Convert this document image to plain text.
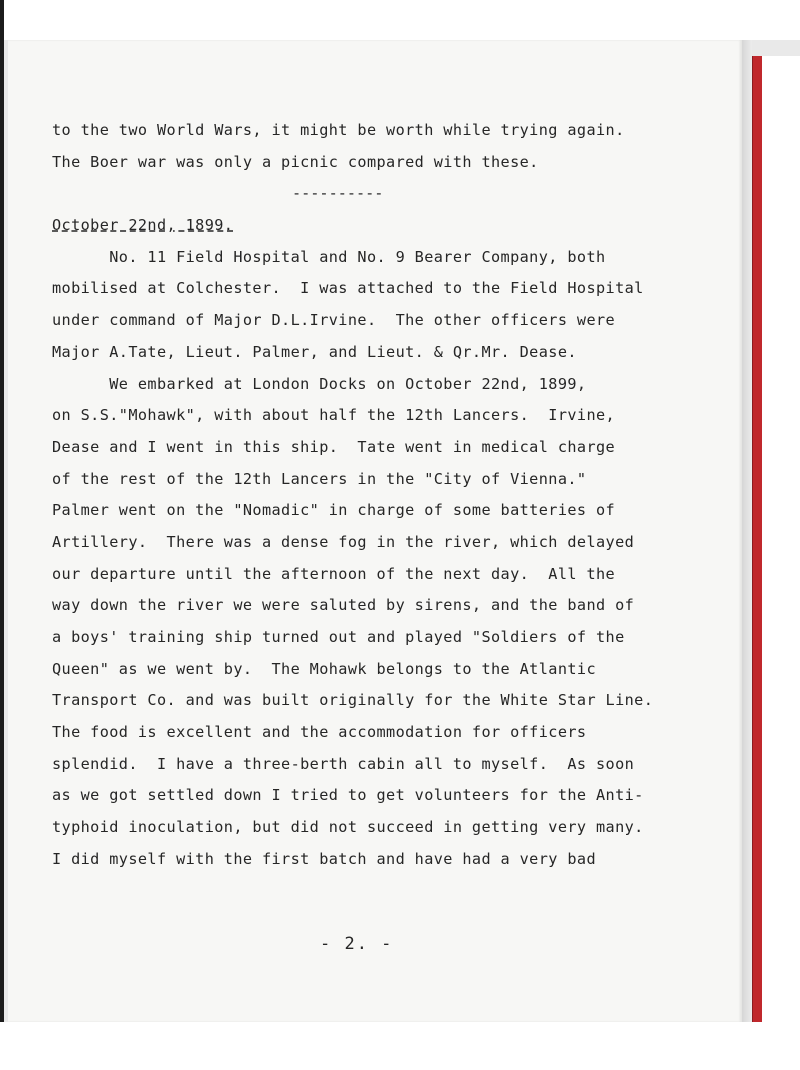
to the two World Wars, it might be worth while trying again.
The Boer war was only a picnic compared with these.
----------
October 22nd, 1899.
No. 11 Field Hospital and No. 9 Bearer Company, both
mobilised at Colchester.  I was attached to the Field Hospital
under command of Major D.L.Irvine.  The other officers were
Major A.Tate, Lieut. Palmer, and Lieut. & Qr.Mr. Dease.
We embarked at London Docks on October 22nd, 1899,
on S.S."Mohawk", with about half the 12th Lancers.  Irvine,
Dease and I went in this ship.  Tate went in medical charge
of the rest of the 12th Lancers in the "City of Vienna."
Palmer went on the "Nomadic" in charge of some batteries of
Artillery.  There was a dense fog in the river, which delayed
our departure until the afternoon of the next day.  All the
way down the river we were saluted by sirens, and the band of
a boys' training ship turned out and played "Soldiers of the
Queen" as we went by.  The Mohawk belongs to the Atlantic
Transport Co. and was built originally for the White Star Line.
The food is excellent and the accommodation for officers
splendid.  I have a three-berth cabin all to myself.  As soon
as we got settled down I tried to get volunteers for the Anti-
typhoid inoculation, but did not succeed in getting very many.
I did myself with the first batch and have had a very bad
- 2. -
